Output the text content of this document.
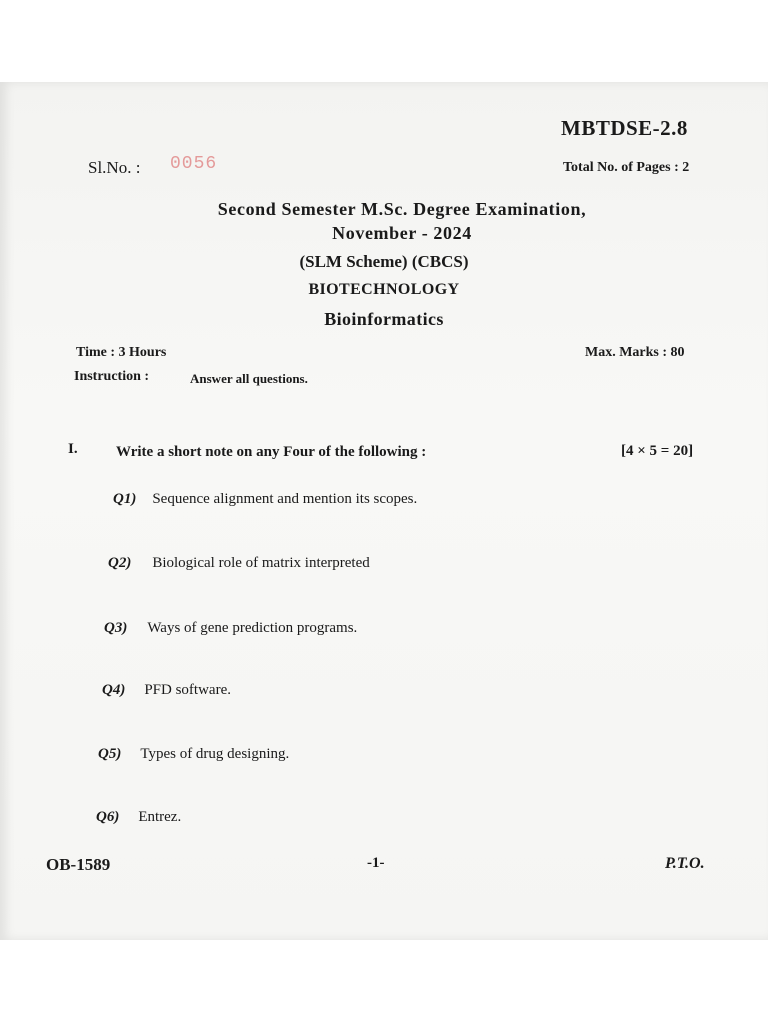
MBTDSE-2.8
Sl.No. : 0056	Total No. of Pages : 2
Second Semester M.Sc. Degree Examination,
November - 2024
(SLM Scheme) (CBCS)
BIOTECHNOLOGY
Bioinformatics
Time : 3 Hours	Max. Marks : 80
Instruction :	Answer all questions.
I.	Write a short note on any Four of the following :	[4 × 5 = 20]
Q1) Sequence alignment and mention its scopes.
Q2) Biological role of matrix interpreted
Q3) Ways of gene prediction programs.
Q4) PFD software.
Q5) Types of drug designing.
Q6) Entrez.
OB-1589	-1-	P.T.O.
